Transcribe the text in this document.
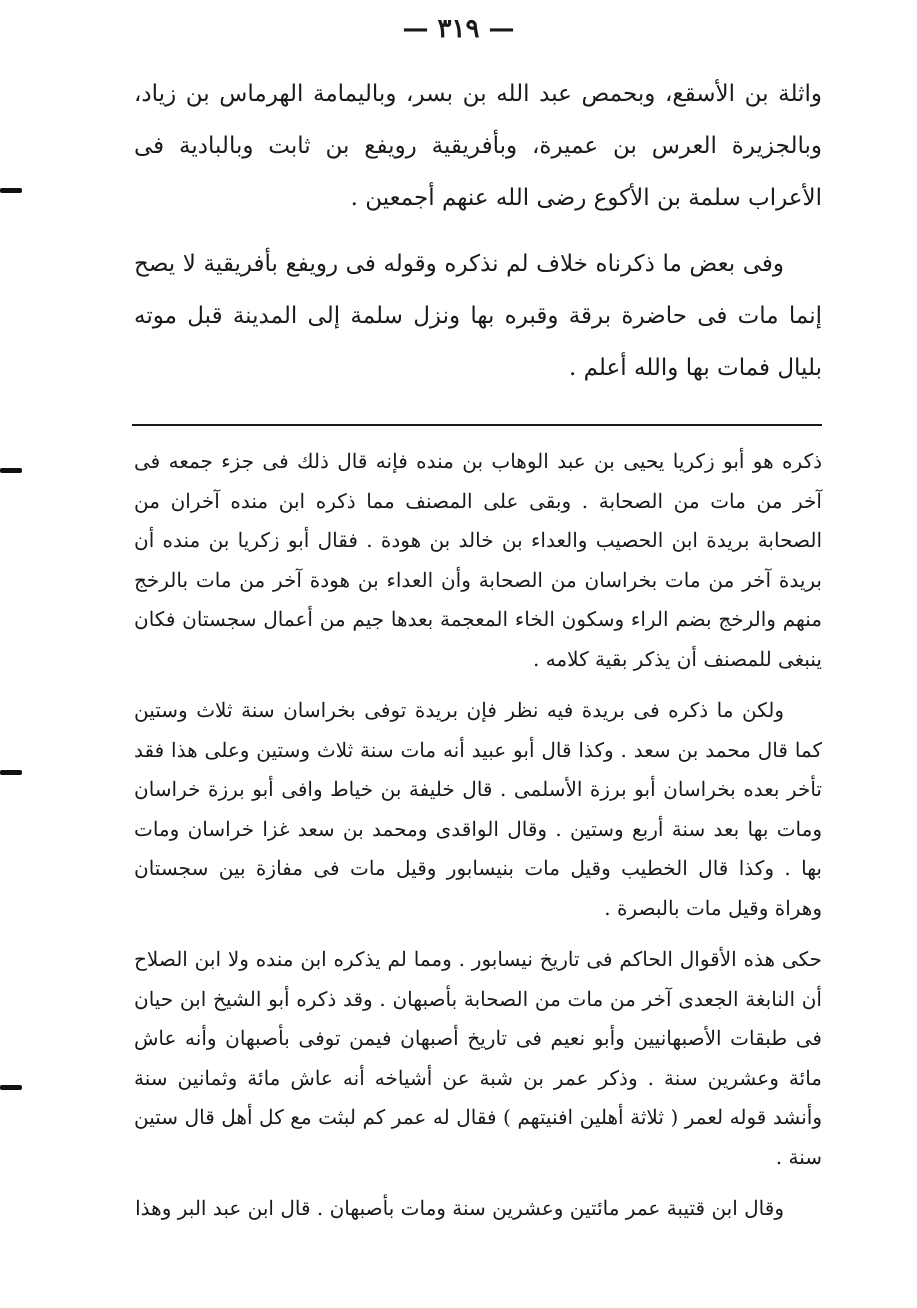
— ٣١٩ —

واثلة بن الأسقع، وبحمص عبد الله بن بسر، وباليمامة الهرماس بن زياد، وبالجزيرة العرس بن عميرة، وبأفريقية رويفع بن ثابت وبالبادية فى الأعراب سلمة بن الأكوع رضى الله عنهم أجمعين .

وفى بعض ما ذكرناه خلاف لم نذكره وقوله فى رويفع بأفريقية لا يصح إنما مات فى حاضرة برقة وقبره بها ونزل سلمة إلى المدينة قبل موته بليال فمات بها والله أعلم .

ذكره هو أبو زكريا يحيى بن عبد الوهاب بن منده فإنه قال ذلك فى جزء جمعه فى آخر من مات من الصحابة . وبقى على المصنف مما ذكره ابن منده آخران من الصحابة بريدة ابن الحصيب والعداء بن خالد بن هودة . فقال أبو زكريا بن منده أن بريدة آخر من مات بخراسان من الصحابة وأن العداء بن هودة آخر من مات بالرخج منهم والرخج بضم الراء وسكون الخاء المعجمة بعدها جيم من أعمال سجستان فكان ينبغى للمصنف أن يذكر بقية كلامه .

ولكن ما ذكره فى بريدة فيه نظر فإن بريدة توفى بخراسان سنة ثلاث وستين كما قال محمد بن سعد . وكذا قال أبو عبيد أنه مات سنة ثلاث وستين وعلى هذا فقد تأخر بعده بخراسان أبو برزة الأسلمى . قال خليفة بن خياط وافى أبو برزة خراسان ومات بها بعد سنة أربع وستين . وقال الواقدى ومحمد بن سعد غزا خراسان ومات بها . وكذا قال الخطيب وقيل مات بنيسابور وقيل مات فى مفازة بين سجستان وهراة وقيل مات بالبصرة .

حكى هذه الأقوال الحاكم فى تاريخ نيسابور . ومما لم يذكره ابن منده ولا ابن الصلاح أن النابغة الجعدى آخر من مات من الصحابة بأصبهان . وقد ذكره أبو الشيخ ابن حيان فى طبقات الأصبهانيين وأبو نعيم فى تاريخ أصبهان فيمن توفى بأصبهان وأنه عاش مائة وعشرين سنة . وذكر عمر بن شبة عن أشياخه أنه عاش مائة وثمانين سنة وأنشد قوله لعمر ( ثلاثة أهلين افنيتهم ) فقال له عمر كم لبثت مع كل أهل قال ستين سنة .

وقال ابن قتيبة عمر مائتين وعشرين سنة ومات بأصبهان . قال ابن عبد البر وهذا
